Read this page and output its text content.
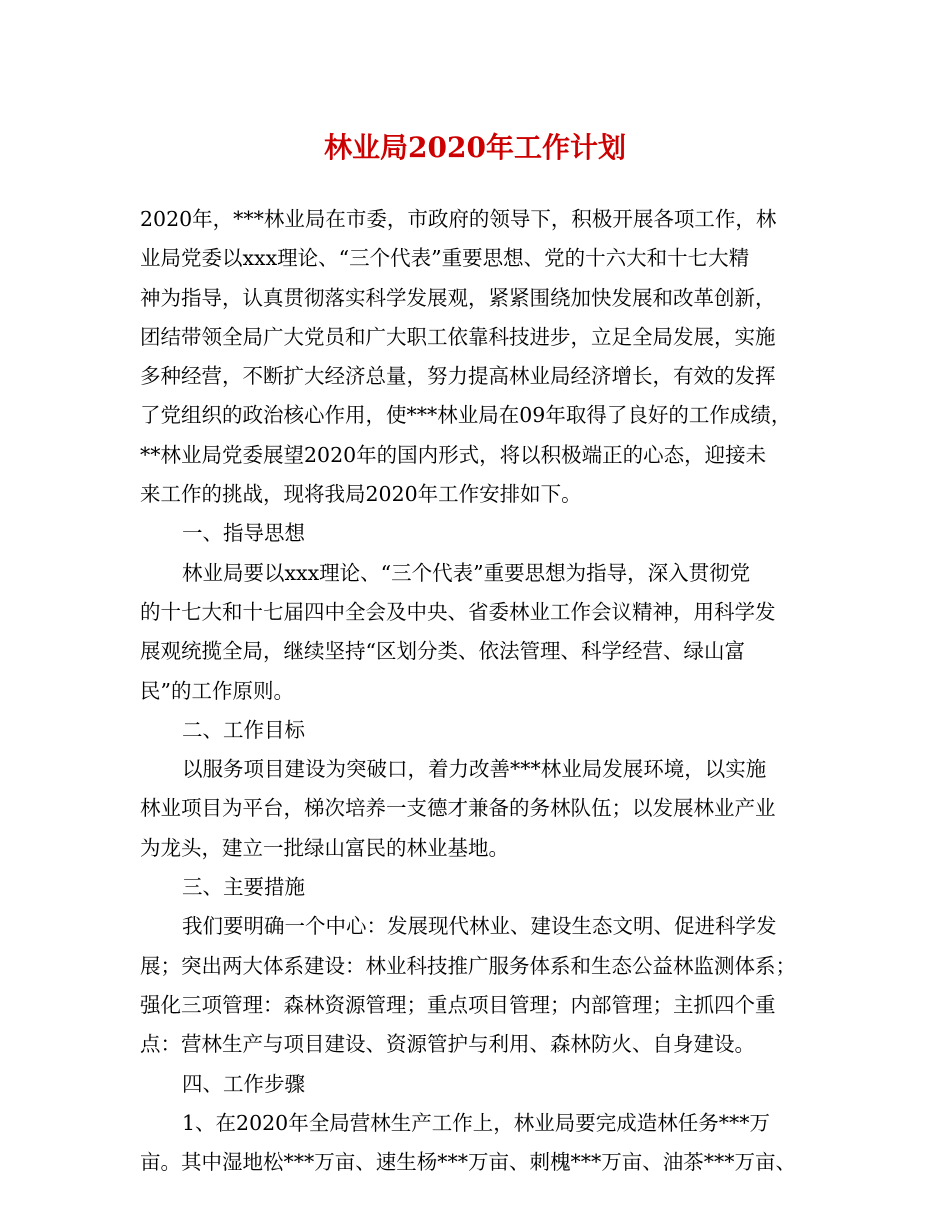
林业局2020年工作计划
2020年，***林业局在市委，市政府的领导下，积极开展各项工作，林
业局党委以xxx理论、“三个代表”重要思想、党的十六大和十七大精
神为指导，认真贯彻落实科学发展观，紧紧围绕加快发展和改革创新，
团结带领全局广大党员和广大职工依靠科技进步，立足全局发展，实施
多种经营，不断扩大经济总量，努力提高林业局经济增长，有效的发挥
了党组织的政治核心作用，使***林业局在09年取得了良好的工作成绩，
**林业局党委展望2020年的国内形式，将以积极端正的心态，迎接未
来工作的挑战，现将我局2020年工作安排如下。
一、指导思想
林业局要以xxx理论、“三个代表”重要思想为指导，深入贯彻党
的十七大和十七届四中全会及中央、省委林业工作会议精神，用科学发
展观统揽全局，继续坚持“区划分类、依法管理、科学经营、绿山富
民”的工作原则。
二、工作目标
以服务项目建设为突破口，着力改善***林业局发展环境，以实施
林业项目为平台，梯次培养一支德才兼备的务林队伍；以发展林业产业
为龙头，建立一批绿山富民的林业基地。
三、主要措施
我们要明确一个中心：发展现代林业、建设生态文明、促进科学发
展；突出两大体系建设：林业科技推广服务体系和生态公益林监测体系；
强化三项管理：森林资源管理；重点项目管理；内部管理；主抓四个重
点：营林生产与项目建设、资源管护与利用、森林防火、自身建设。
四、工作步骤
1、在2020年全局营林生产工作上，林业局要完成造林任务***万
亩。其中湿地松***万亩、速生杨***万亩、刺槐***万亩、油茶***万亩、
